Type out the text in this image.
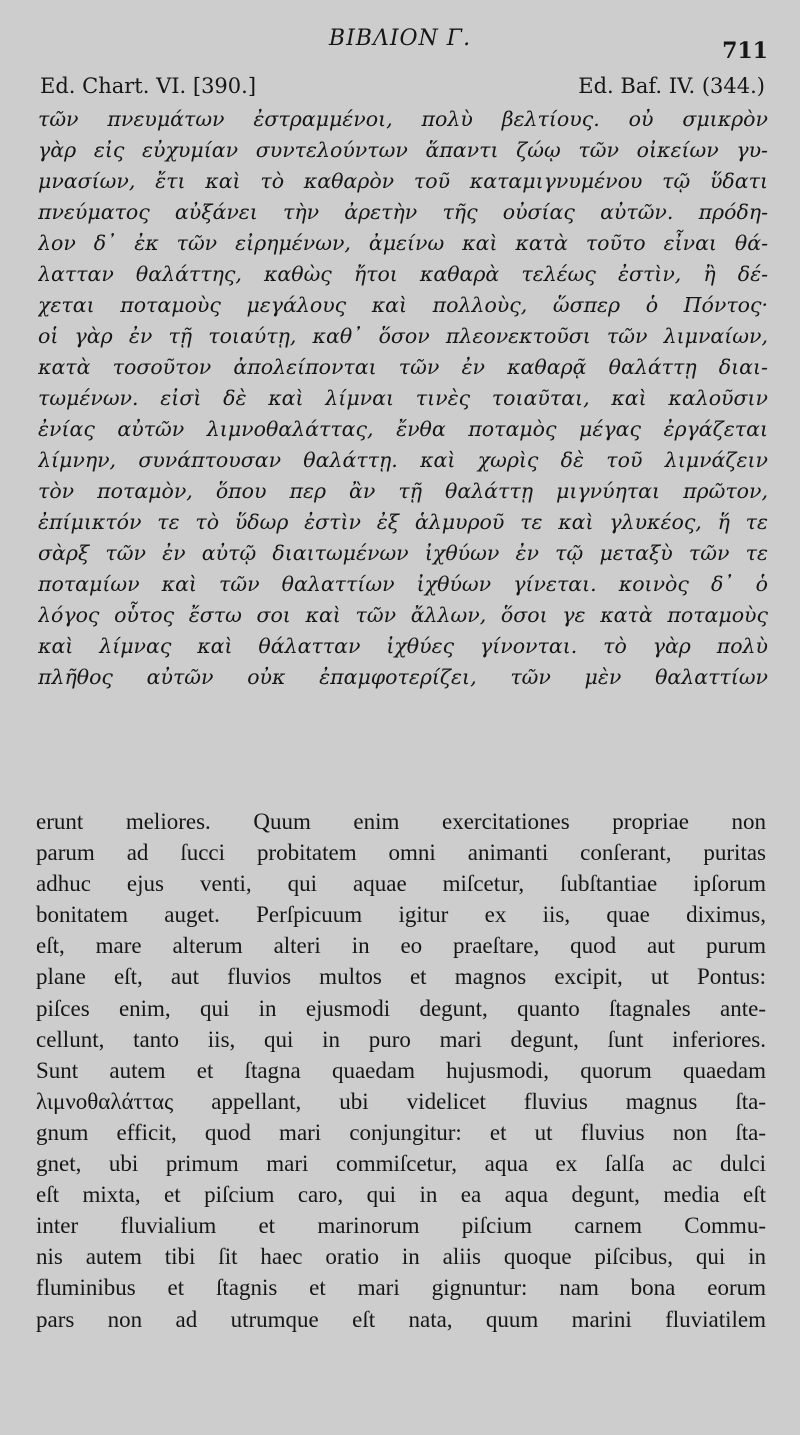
ΒΙΒΛΙΟΝ Γ.	711
Ed. Chart. VI. [390.]	Ed. Baf. IV. (344.)
τῶν πνευμάτων ἐστραμμένοι, πολὺ βελτίους. οὐ σμικρὸν
γὰρ εἰς εὐχυμίαν συντελούντων ἅπαντι ζώῳ τῶν οἰκείων γυ-
μνασίων, ἔτι καὶ τὸ καθαρὸν τοῦ καταμιγνυμένου τῷ ὕδατι
πνεύματος αὐξάνει τὴν ἀρετὴν τῆς οὐσίας αὐτῶν. πρόδη-
λον δ᾽ ἐκ τῶν εἰρημένων, ἀμείνω καὶ κατὰ τοῦτο εἶναι θά-
λατταν θαλάττης, καθὼς ἤτοι καθαρὰ τελέως ἐστὶν, ἢ δέ-
χεται ποταμοὺς μεγάλους καὶ πολλοὺς, ὥσπερ ὁ Πόντος·
οἱ γὰρ ἐν τῇ τοιαύτῃ, καθ᾽ ὅσον πλεονεκτοῦσι τῶν λιμναίων,
κατὰ τοσοῦτον ἀπολείπονται τῶν ἐν καθαρᾷ θαλάττῃ διαι-
τωμένων. εἰσὶ δὲ καὶ λίμναι τινὲς τοιαῦται, καὶ καλοῦσιν
ἐνίας αὐτῶν λιμνοθαλάττας, ἔνθα ποταμὸς μέγας ἐργάζεται
λίμνην, συνάπτουσαν θαλάττῃ. καὶ χωρὶς δὲ τοῦ λιμνάζειν
τὸν ποταμὸν, ὅπου περ ἂν τῇ θαλάττῃ μιγνύηται πρῶτον,
ἐπίμικτόν τε τὸ ὕδωρ ἐστὶν ἐξ ἁλμυροῦ τε καὶ γλυκέος, ἥ τε
σὰρξ τῶν ἐν αὐτῷ διαιτωμένων ἰχθύων ἐν τῷ μεταξὺ τῶν τε
ποταμίων καὶ τῶν θαλαττίων ἰχθύων γίνεται. κοινὸς δ᾽ ὁ
λόγος οὗτος ἔστω σοι καὶ τῶν ἄλλων, ὅσοι γε κατὰ ποταμοὺς
καὶ λίμνας καὶ θάλατταν ἰχθύες γίνονται. τὸ γὰρ πολὺ
πλῆθος αὐτῶν οὐκ ἐπαμφοτερίζει, τῶν μὲν θαλαττίων
erunt meliores. Quum enim exercitationes propriae non
parum ad ſucci probitatem omni animanti conſerant, puritas
adhuc ejus venti, qui aquae miſcetur, ſubſtantiae ipſorum
bonitatem auget. Perſpicuum igitur ex iis, quae diximus,
eſt, mare alterum alteri in eo praeſtare, quod aut purum
plane eſt, aut fluvios multos et magnos excipit, ut Pontus:
piſces enim, qui in ejusmodi degunt, quanto ſtagnales ante-
cellunt, tanto iis, qui in puro mari degunt, ſunt inferiores.
Sunt autem et ſtagna quaedam hujusmodi, quorum quaedam
λιμνοθαλάττας appellant, ubi videlicet fluvius magnus ſta-
gnum efficit, quod mari conjungitur: et ut fluvius non ſta-
gnet, ubi primum mari commiſcetur, aqua ex ſalſa ac dulci
eſt mixta, et piſcium caro, qui in ea aqua degunt, media eſt
inter fluvialium et marinorum piſcium carnem Commu-
nis autem tibi ſit haec oratio in aliis quoque piſcibus, qui in
fluminibus et ſtagnis et mari gignuntur: nam bona eorum
pars non ad utrumque eſt nata, quum marini fluviatilem
